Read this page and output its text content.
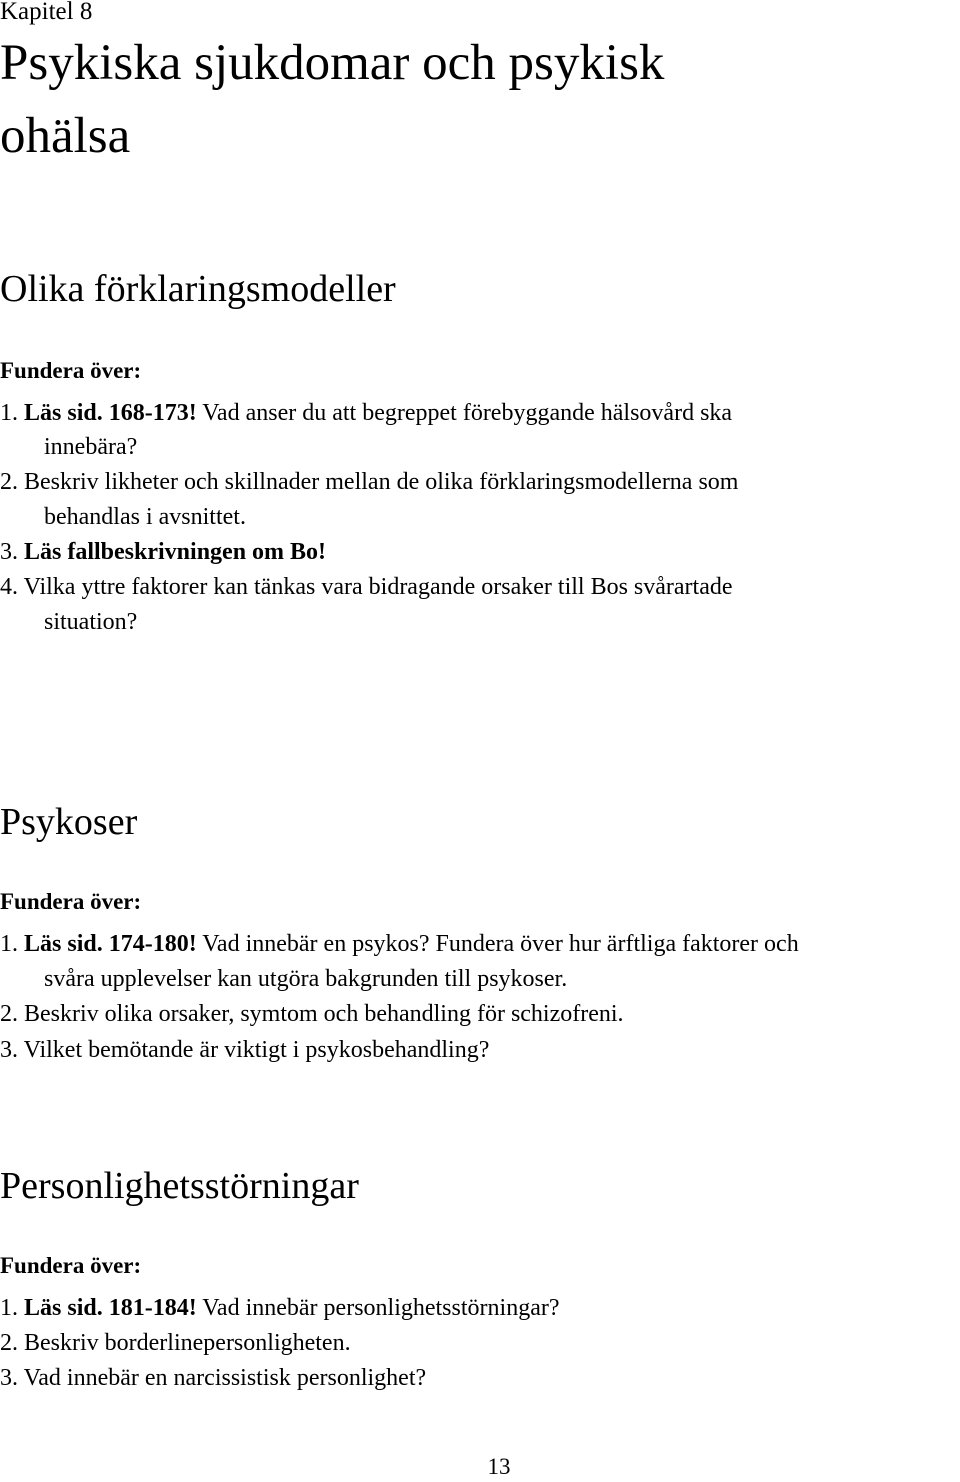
Kapitel 8
Psykiska sjukdomar och psykisk
ohälsa
Olika förklaringsmodeller
Fundera över:
1. Läs sid. 168-173! Vad anser du att begreppet förebyggande hälsovård ska
innebära?
2. Beskriv likheter och skillnader mellan de olika förklaringsmodellerna som
behandlas i avsnittet.
3. Läs fallbeskrivningen om Bo!
4. Vilka yttre faktorer kan tänkas vara bidragande orsaker till Bos svårartade
situation?
Psykoser
Fundera över:
1. Läs sid. 174-180! Vad innebär en psykos? Fundera över hur ärftliga faktorer och
svåra upplevelser kan utgöra bakgrunden till psykoser.
2. Beskriv olika orsaker, symtom och behandling för schizofreni.
3. Vilket bemötande är viktigt i psykosbehandling?
Personlighetsstörningar
Fundera över:
1. Läs sid. 181-184! Vad innebär personlighetsstörningar?
2. Beskriv borderlinepersonligheten.
3. Vad innebär en narcissistisk personlighet?
13
